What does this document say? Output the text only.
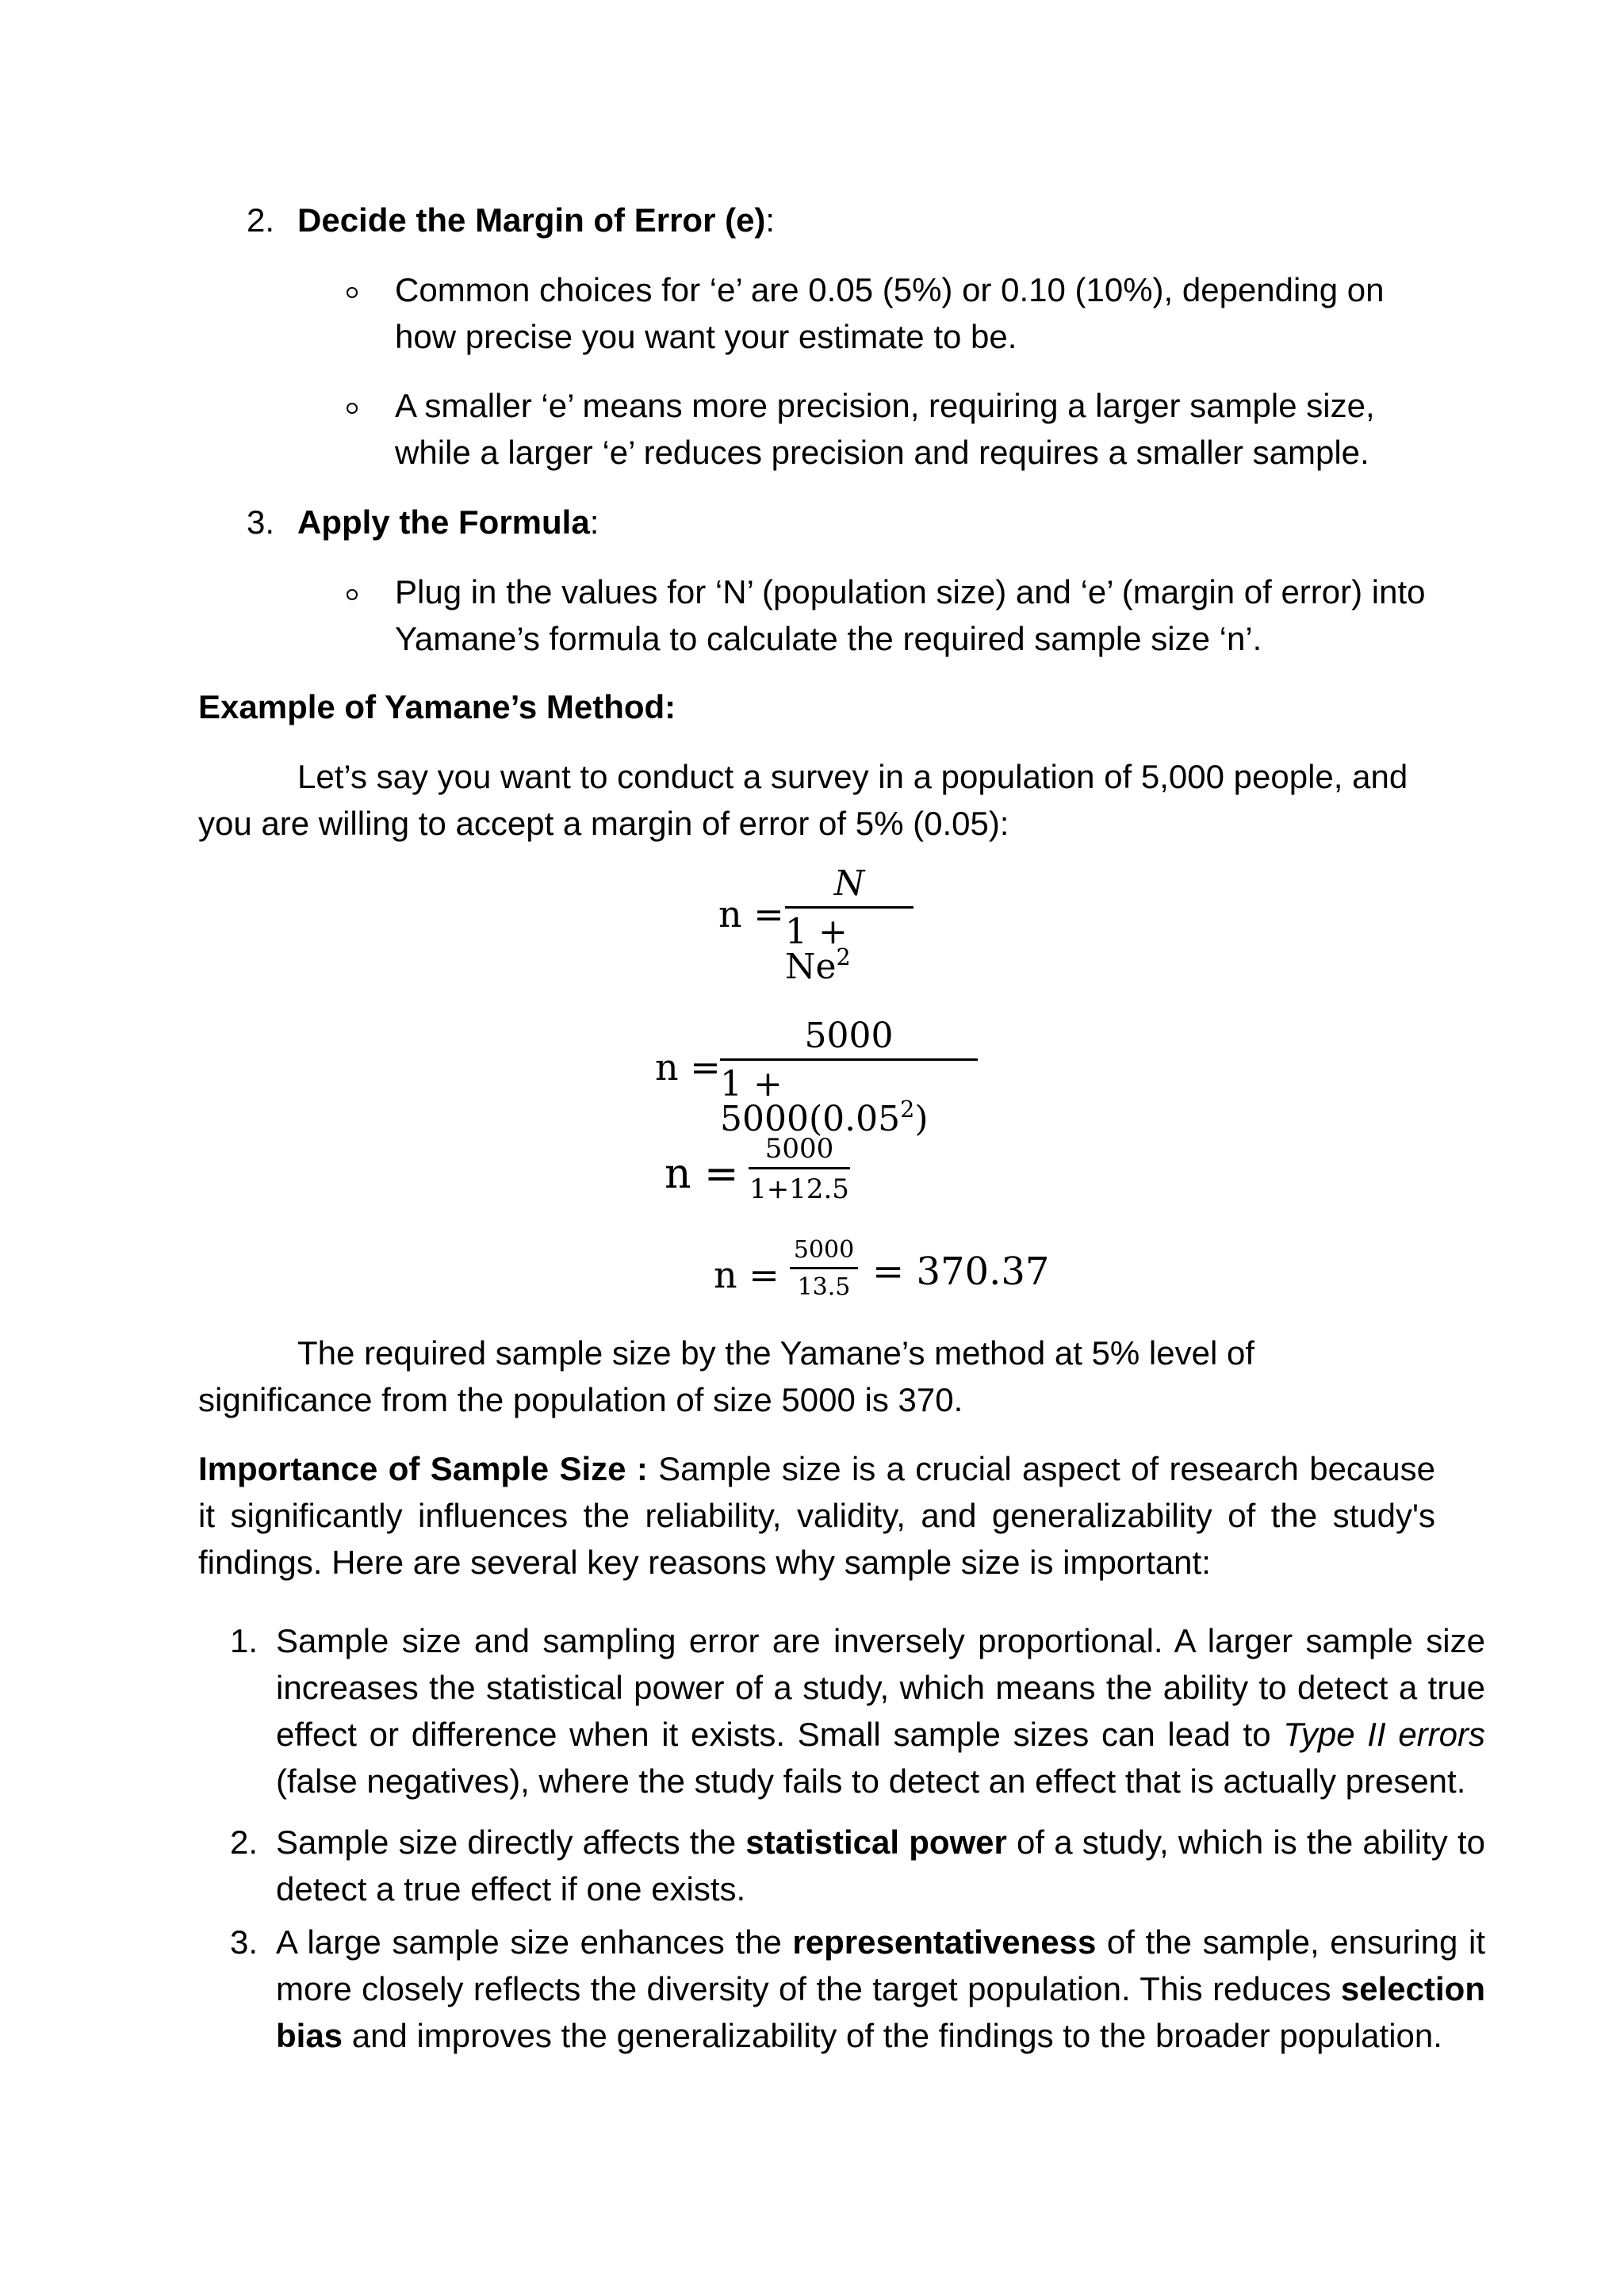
2. Decide the Margin of Error (e):
Common choices for ‘e’ are 0.05 (5%) or 0.10 (10%), depending on how precise you want your estimate to be.
A smaller ‘e’ means more precision, requiring a larger sample size, while a larger ‘e’ reduces precision and requires a smaller sample.
3. Apply the Formula:
Plug in the values for ‘N’ (population size) and ‘e’ (margin of error) into Yamane’s formula to calculate the required sample size ‘n’.
Example of Yamane’s Method:
Let’s say you want to conduct a survey in a population of 5,000 people, and you are willing to accept a margin of error of 5% (0.05):
n =
N
$1 + Ne^2$
n =
5000
$1 + 5000(0.05^2)$
n =
5000
1+12.5
n =
5000
13.5 = 370.37
The required sample size by the Yamane’s method at 5% level of significance from the population of size 5000 is 370.
Importance of Sample Size : Sample size is a crucial aspect of research because it significantly influences the reliability, validity, and generalizability of the study's findings. Here are several key reasons why sample size is important:
1. Sample size and sampling error are inversely proportional. A larger sample size increases the statistical power of a study, which means the ability to detect a true effect or difference when it exists. Small sample sizes can lead to Type II errors (false negatives), where the study fails to detect an effect that is actually present.
2. Sample size directly affects the statistical power of a study, which is the ability to detect a true effect if one exists.
3. A large sample size enhances the representativeness of the sample, ensuring it more closely reflects the diversity of the target population. This reduces selection bias and improves the generalizability of the findings to the broader population.
